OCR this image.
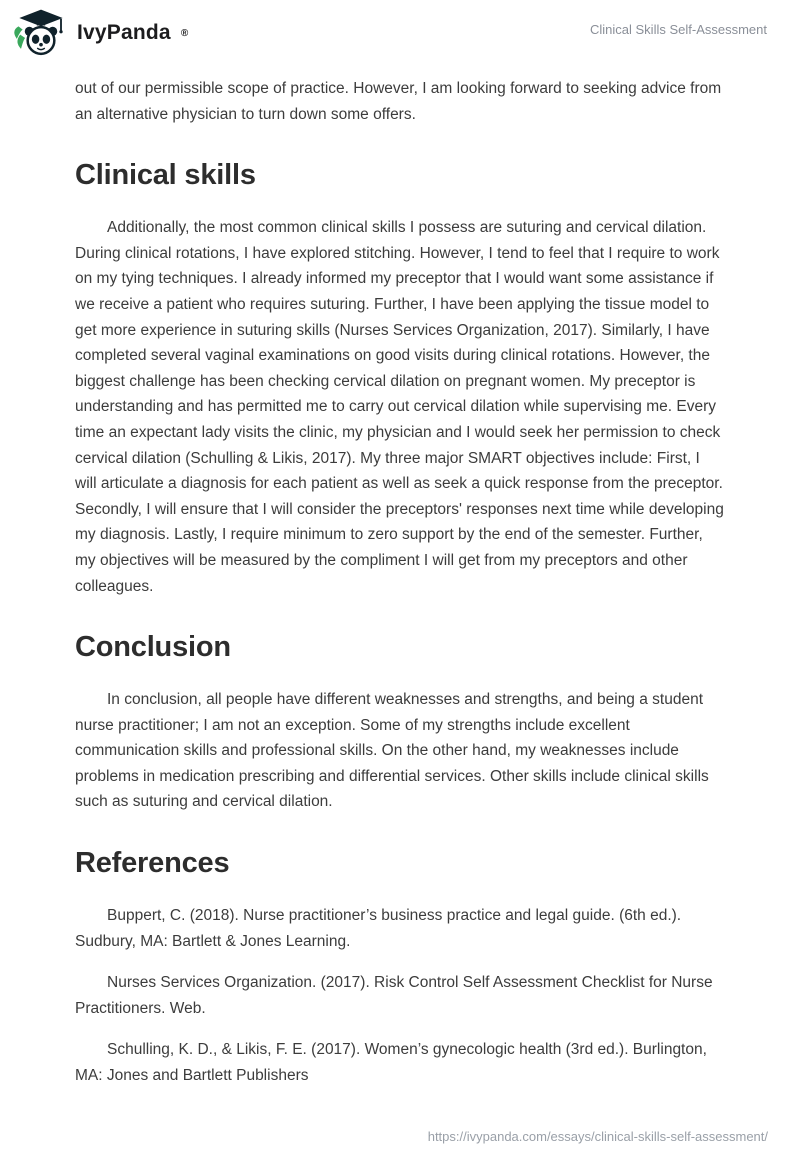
IvyPanda ®	Clinical Skills Self-Assessment

out of our permissible scope of practice. However, I am looking forward to seeking advice from an alternative physician to turn down some offers.

Clinical skills

Additionally, the most common clinical skills I possess are suturing and cervical dilation. During clinical rotations, I have explored stitching. However, I tend to feel that I require to work on my tying techniques. I already informed my preceptor that I would want some assistance if we receive a patient who requires suturing. Further, I have been applying the tissue model to get more experience in suturing skills (Nurses Services Organization, 2017). Similarly, I have completed several vaginal examinations on good visits during clinical rotations. However, the biggest challenge has been checking cervical dilation on pregnant women. My preceptor is understanding and has permitted me to carry out cervical dilation while supervising me. Every time an expectant lady visits the clinic, my physician and I would seek her permission to check cervical dilation (Schulling & Likis, 2017). My three major SMART objectives include: First, I will articulate a diagnosis for each patient as well as seek a quick response from the preceptor. Secondly, I will ensure that I will consider the preceptors' responses next time while developing my diagnosis. Lastly, I require minimum to zero support by the end of the semester. Further, my objectives will be measured by the compliment I will get from my preceptors and other colleagues.

Conclusion

In conclusion, all people have different weaknesses and strengths, and being a student nurse practitioner; I am not an exception. Some of my strengths include excellent communication skills and professional skills. On the other hand, my weaknesses include problems in medication prescribing and differential services. Other skills include clinical skills such as suturing and cervical dilation.

References

Buppert, C. (2018). Nurse practitioner’s business practice and legal guide. (6th ed.). Sudbury, MA: Bartlett & Jones Learning.

Nurses Services Organization. (2017). Risk Control Self Assessment Checklist for Nurse Practitioners. Web.

Schulling, K. D., & Likis, F. E. (2017). Women’s gynecologic health (3rd ed.). Burlington, MA: Jones and Bartlett Publishers

https://ivypanda.com/essays/clinical-skills-self-assessment/
